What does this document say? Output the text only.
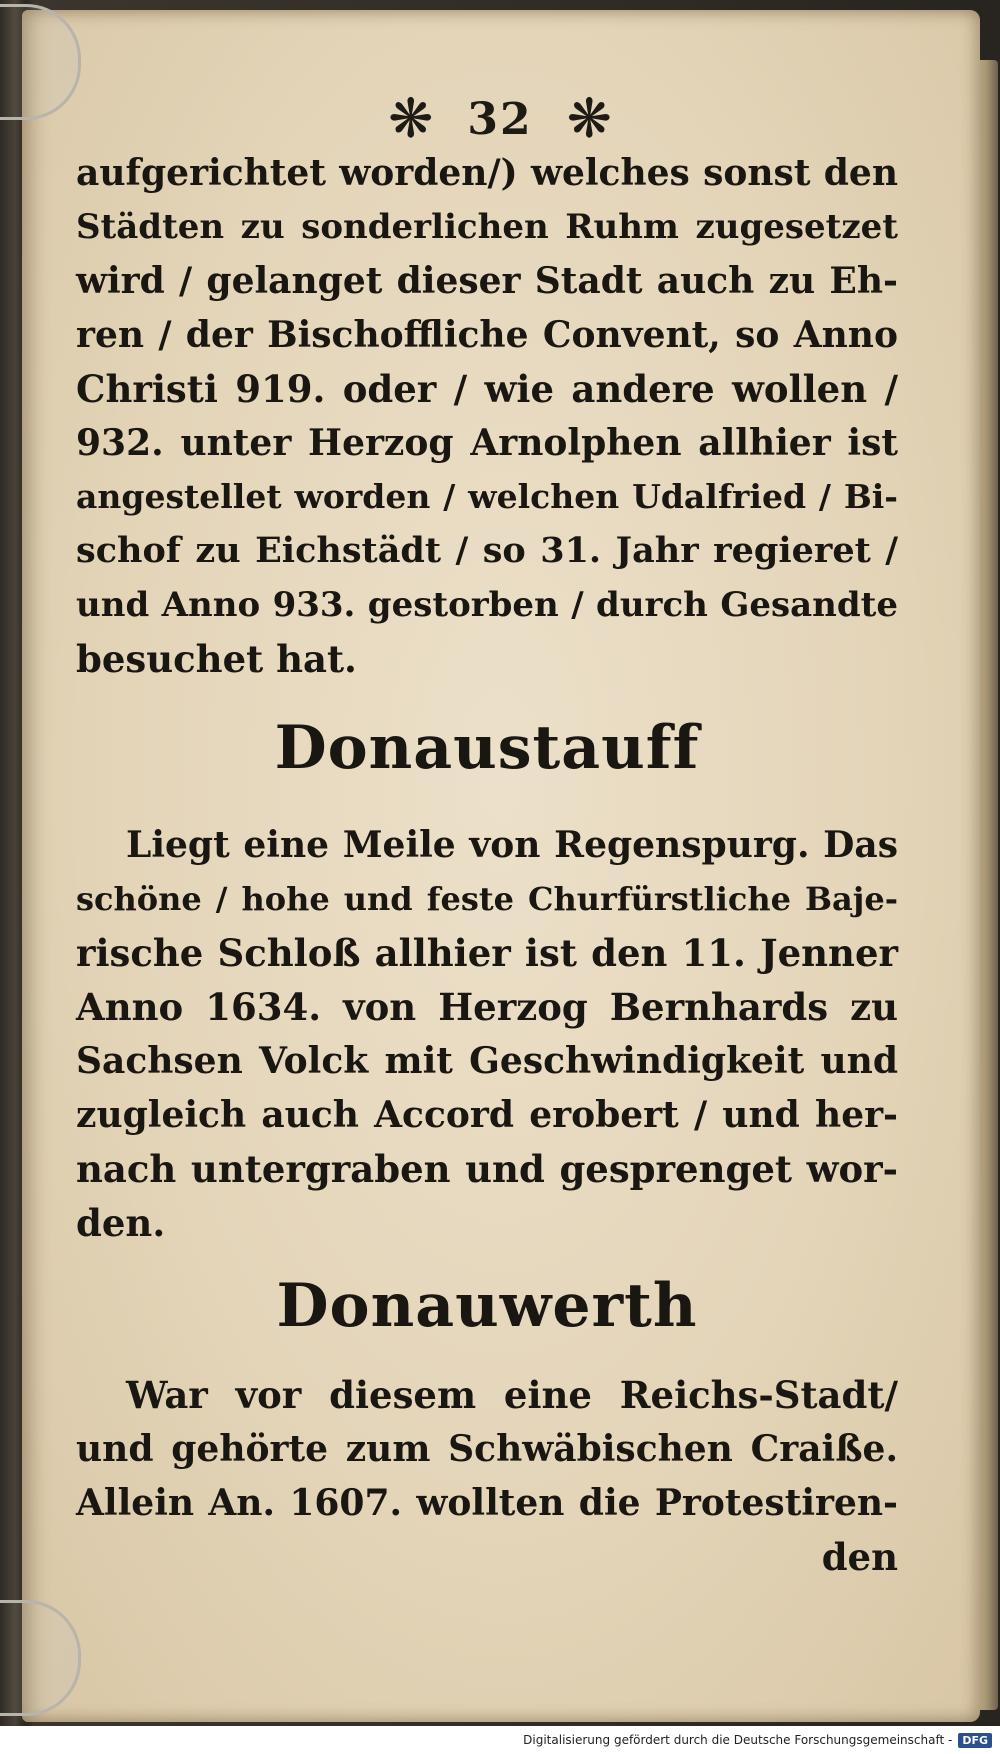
❋ 32 ❋
aufgerichtet worden/) welches sonst den
Städten zu sonderlichen Ruhm zugesetzet
wird / gelanget dieser Stadt auch zu Eh-
ren / der Bischoffliche Convent, so Anno
Christi 919. oder / wie andere wollen /
932. unter Herzog Arnolphen allhier ist
angestellet worden / welchen Udalfried / Bi-
schof zu Eichstädt / so 31. Jahr regieret /
und Anno 933. gestorben / durch Gesandte
besuchet hat.
Donaustauff
Liegt eine Meile von Regenspurg. Das
schöne / hohe und feste Churfürstliche Baje-
rische Schloß allhier ist den 11. Jenner
Anno 1634. von Herzog Bernhards zu
Sachsen Volck mit Geschwindigkeit und
zugleich auch Accord erobert / und her-
nach untergraben und gesprenget wor-
den.
Donauwerth
War vor diesem eine Reichs-Stadt/
und gehörte zum Schwäbischen Craiße.
Allein An. 1607. wollten die Protestiren-
den
Digitalisierung gefördert durch die Deutsche Forschungsgemeinschaft - DFG
